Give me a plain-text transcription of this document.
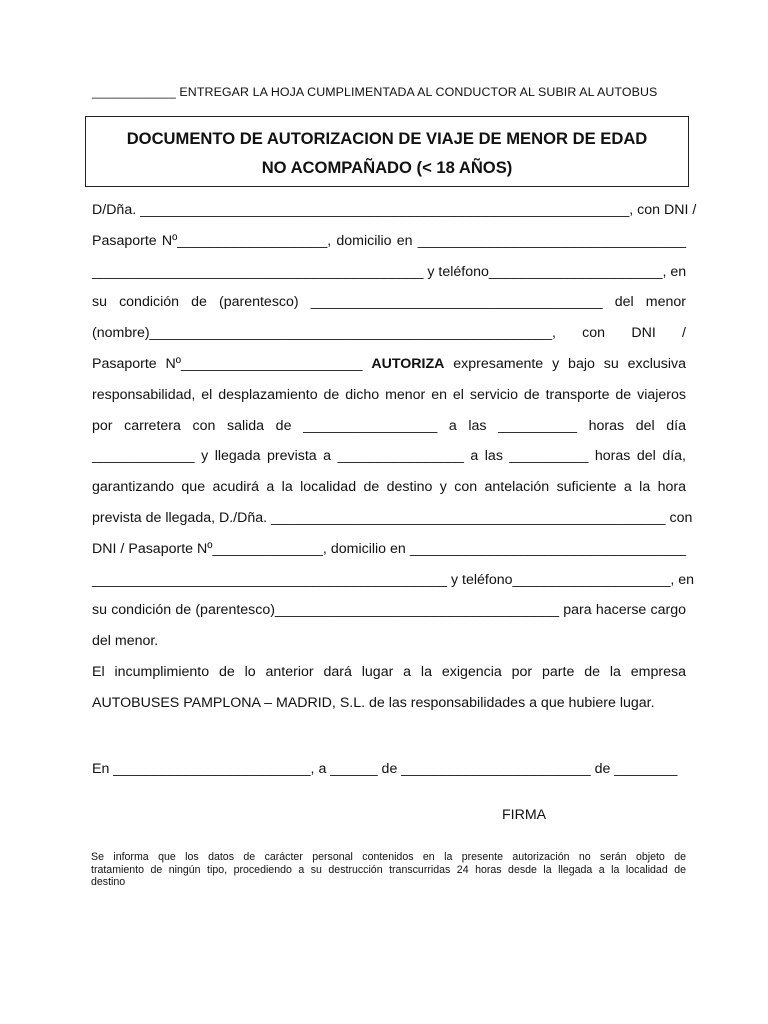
____________ ENTREGAR LA HOJA CUMPLIMENTADA AL CONDUCTOR AL SUBIR AL AUTOBUS
DOCUMENTO DE AUTORIZACION DE VIAJE DE MENOR DE EDAD
NO ACOMPAÑADO (< 18 AÑOS)
D/Dña. ______________________________________________________________, con DNI /
Pasaporte Nº___________________, domicilio en __________________________________
__________________________________________ y teléfono______________________, en
su condición de (parentesco) _____________________________________ del menor
(nombre)___________________________________________________, con DNI /
Pasaporte Nº_______________________ AUTORIZA expresamente y bajo su exclusiva
responsabilidad, el desplazamiento de dicho menor en el servicio de transporte de viajeros
por carretera con salida de _________________ a las __________ horas del día
_____________ y llegada prevista a ________________ a las __________ horas del día,
garantizando que acudirá a la localidad de destino y con antelación suficiente a la hora
prevista de llegada, D./Dña. __________________________________________________ con
DNI / Pasaporte Nº______________, domicilio en ___________________________________
_____________________________________________ y teléfono____________________, en
su condición de (parentesco)____________________________________ para hacerse cargo
del menor.
El incumplimiento de lo anterior dará lugar a la exigencia por parte de la empresa
AUTOBUSES PAMPLONA – MADRID, S.L. de las responsabilidades a que hubiere lugar.
En _________________________, a ______ de ________________________ de ________
FIRMA
Se informa que los datos de carácter personal contenidos en la presente autorización no serán objeto de
tratamiento de ningún tipo, procediendo a su destrucción transcurridas 24 horas desde la llegada a la localidad de
destino
